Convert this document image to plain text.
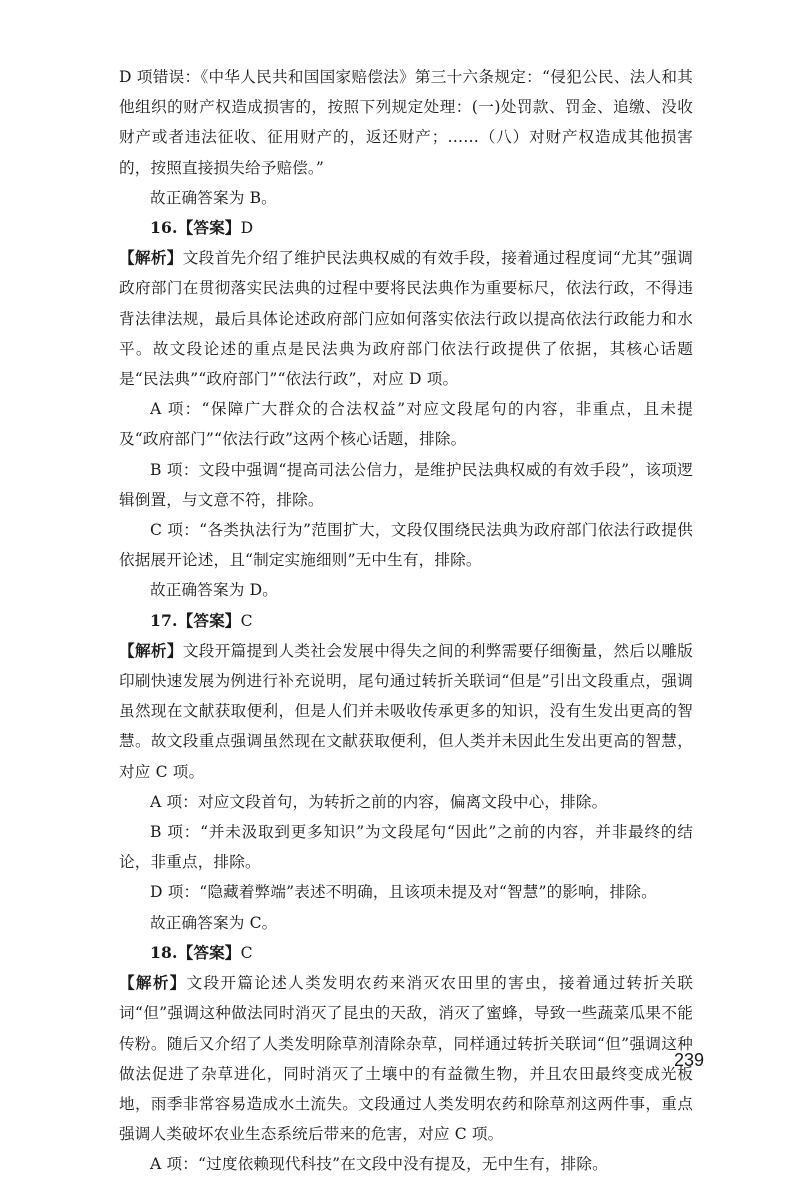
D 项错误：《中华人民共和国国家赔偿法》第三十六条规定：“侵犯公民、法人和其他组织的财产权造成损害的，按照下列规定处理：(一)处罚款、罚金、追缴、没收财产或者违法征收、征用财产的，返还财产；……（八）对财产权造成其他损害的，按照直接损失给予赔偿。”

故正确答案为 B。

16.【答案】D

【解析】文段首先介绍了维护民法典权威的有效手段，接着通过程度词“尤其”强调政府部门在贯彻落实民法典的过程中要将民法典作为重要标尺，依法行政，不得违背法律法规，最后具体论述政府部门应如何落实依法行政以提高依法行政能力和水平。故文段论述的重点是民法典为政府部门依法行政提供了依据，其核心话题是“民法典”“政府部门”“依法行政”，对应 D 项。

A 项：“保障广大群众的合法权益”对应文段尾句的内容，非重点，且未提及“政府部门”“依法行政”这两个核心话题，排除。

B 项：文段中强调“提高司法公信力，是维护民法典权威的有效手段”，该项逻辑倒置，与文意不符，排除。

C 项：“各类执法行为”范围扩大，文段仅围绕民法典为政府部门依法行政提供依据展开论述，且“制定实施细则”无中生有，排除。

故正确答案为 D。

17.【答案】C

【解析】文段开篇提到人类社会发展中得失之间的利弊需要仔细衡量，然后以雕版印刷快速发展为例进行补充说明，尾句通过转折关联词“但是”引出文段重点，强调虽然现在文献获取便利，但是人们并未吸收传承更多的知识，没有生发出更高的智慧。故文段重点强调虽然现在文献获取便利，但人类并未因此生发出更高的智慧，对应 C 项。

A 项：对应文段首句，为转折之前的内容，偏离文段中心，排除。

B 项：“并未汲取到更多知识”为文段尾句“因此”之前的内容，并非最终的结论，非重点，排除。

D 项：“隐藏着弊端”表述不明确，且该项未提及对“智慧”的影响，排除。

故正确答案为 C。

18.【答案】C

【解析】文段开篇论述人类发明农药来消灭农田里的害虫，接着通过转折关联词“但”强调这种做法同时消灭了昆虫的天敌，消灭了蜜蜂，导致一些蔬菜瓜果不能传粉。随后又介绍了人类发明除草剂清除杂草，同样通过转折关联词“但”强调这种做法促进了杂草进化，同时消灭了土壤中的有益微生物，并且农田最终变成光板地，雨季非常容易造成水土流失。文段通过人类发明农药和除草剂这两件事，重点强调人类破坏农业生态系统后带来的危害，对应 C 项。

A 项：“过度依赖现代科技”在文段中没有提及，无中生有，排除。

239
